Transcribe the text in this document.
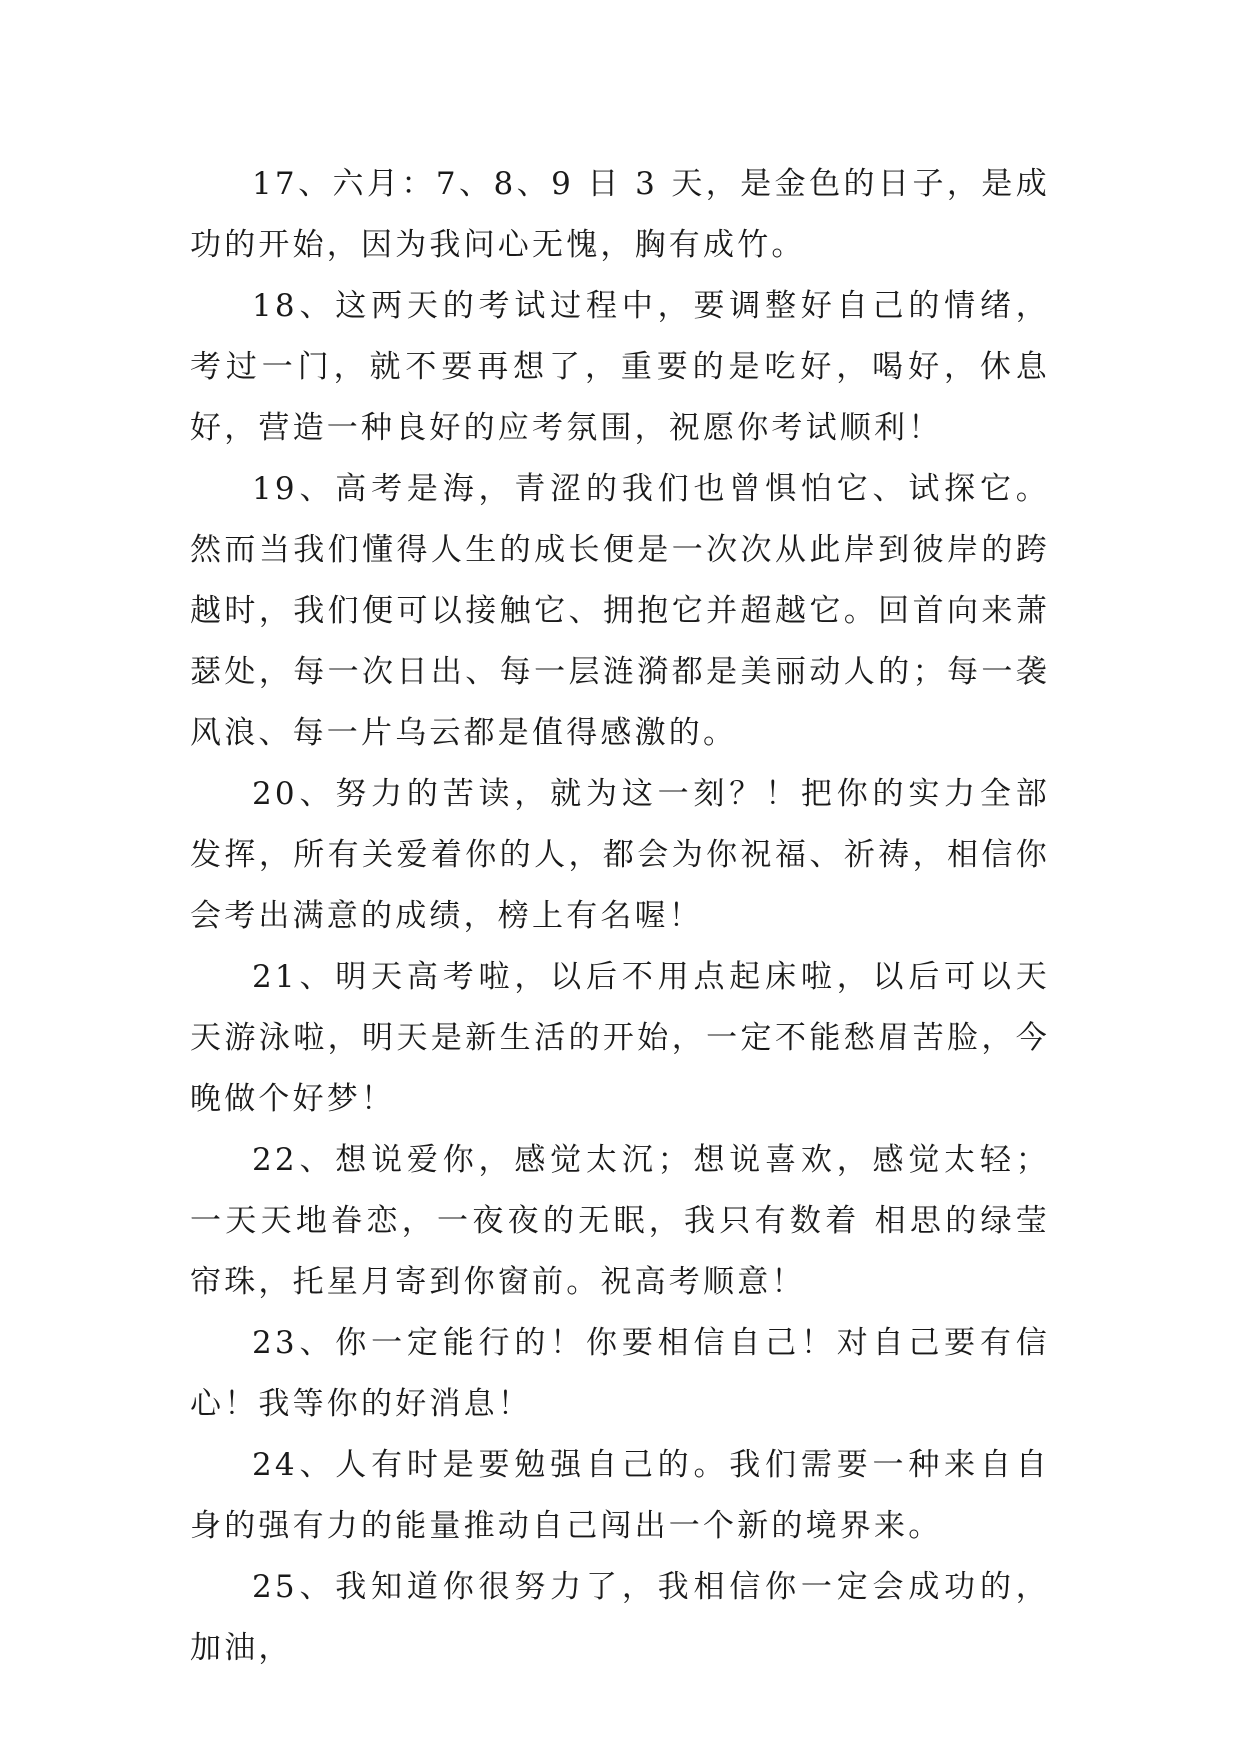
17、六月：7、8、9 日 3 天，是金色的日子，是成功的开始，因为我问心无愧，胸有成竹。

18、这两天的考试过程中，要调整好自己的情绪，考过一门，就不要再想了，重要的是吃好，喝好，休息好，营造一种良好的应考氛围，祝愿你考试顺利！

19、高考是海，青涩的我们也曾惧怕它、试探它。然而当我们懂得人生的成长便是一次次从此岸到彼岸的跨越时，我们便可以接触它、拥抱它并超越它。回首向来萧瑟处，每一次日出、每一层涟漪都是美丽动人的；每一袭风浪、每一片乌云都是值得感激的。

20、努力的苦读，就为这一刻？！把你的实力全部发挥，所有关爱着你的人，都会为你祝福、祈祷，相信你会考出满意的成绩，榜上有名喔！

21、明天高考啦，以后不用点起床啦，以后可以天天游泳啦，明天是新生活的开始，一定不能愁眉苦脸，今晚做个好梦！

22、想说爱你，感觉太沉；想说喜欢，感觉太轻；一天天地眷恋，一夜夜的无眠，我只有数着 相思的绿莹帘珠，托星月寄到你窗前。祝高考顺意！

23、你一定能行的！你要相信自己！对自己要有信心！我等你的好消息！

24、人有时是要勉强自己的。我们需要一种来自自身的强有力的能量推动自己闯出一个新的境界来。

25、我知道你很努力了，我相信你一定会成功的，加油，
